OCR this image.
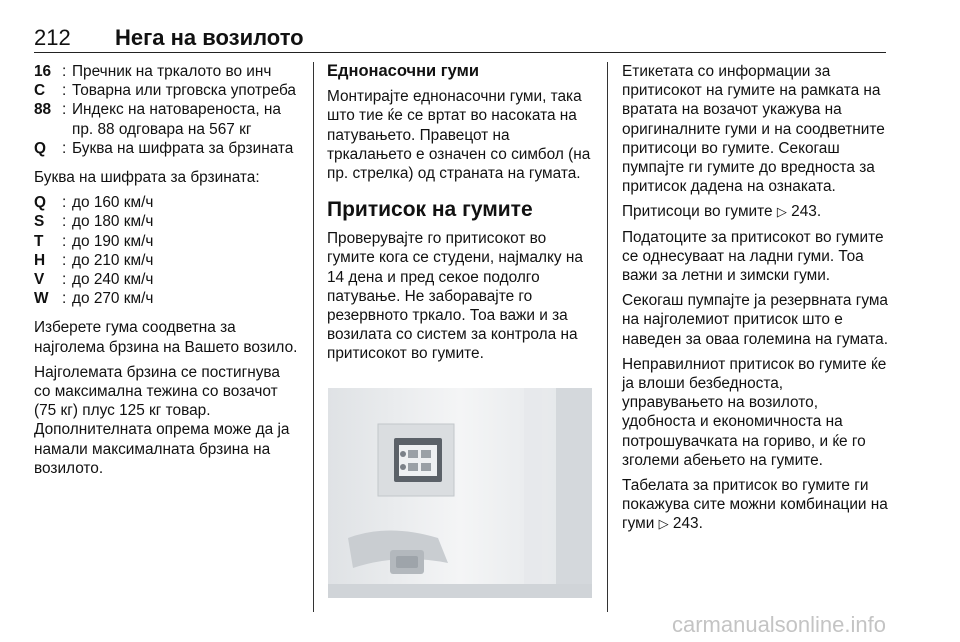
212 Нега на возилото
16 : Пречник на тркалото во инч
C	: Товарна или трговска употреба
88 : Индекс на натовареноста, на пр. 88 одговара на 567 кг
Q	: Буква на шифрата за брзината

Буква на шифрата за брзината:

Q	: до 160 км/ч
S	: до 180 км/ч
T	: до 190 км/ч
H	: до 210 км/ч
V	: до 240 км/ч
W : до 270 км/ч

Изберете гума соодветна за најголема брзина на Вашето возило.

Најголемата брзина се постигнува со максимална тежина со возачот (75 кг) плус 125 кг товар. Дополнителната опрема може да ја намали максималната брзина на возилото.

Еднонасочни гуми

Монтирајте еднонасочни гуми, така што тие ќе се вртат во насоката на патувањето. Правецот на тркалањето е означен со симбол (на пр. стрелка) од страната на гумата.

Притисок на гумите

Проверувајте го притисокот во гумите кога се студени, најмалку на 14 дена и пред секое подолго патување. Не заборавајте го резервното тркало. Тоа важи и за возилата со систем за контрола на притисокот во гумите.

Етикетата со информации за притисокот на гумите на рамката на вратата на возачот укажува на оригиналните гуми и на соодветните притисоци во гумите. Секогаш пумпајте ги гумите до вредноста за притисок дадена на ознаката.

Притисоци во гумите ▷ 243.

Податоците за притисокот во гумите се однесуваат на ладни гуми. Тоа важи за летни и зимски гуми.

Секогаш пумпајте ја резервната гума на најголемиот притисок што е наведен за оваа големина на гумата.

Неправилниот притисок во гумите ќе ја влоши безбедноста, управувањето на возилото, удобноста и економичноста на потрошувачката на гориво, и ќе го зголеми абењето на гумите.

Табелата за притисок во гумите ги покажува сите можни комбинации на гуми ▷ 243.

carmanualsonline.info
